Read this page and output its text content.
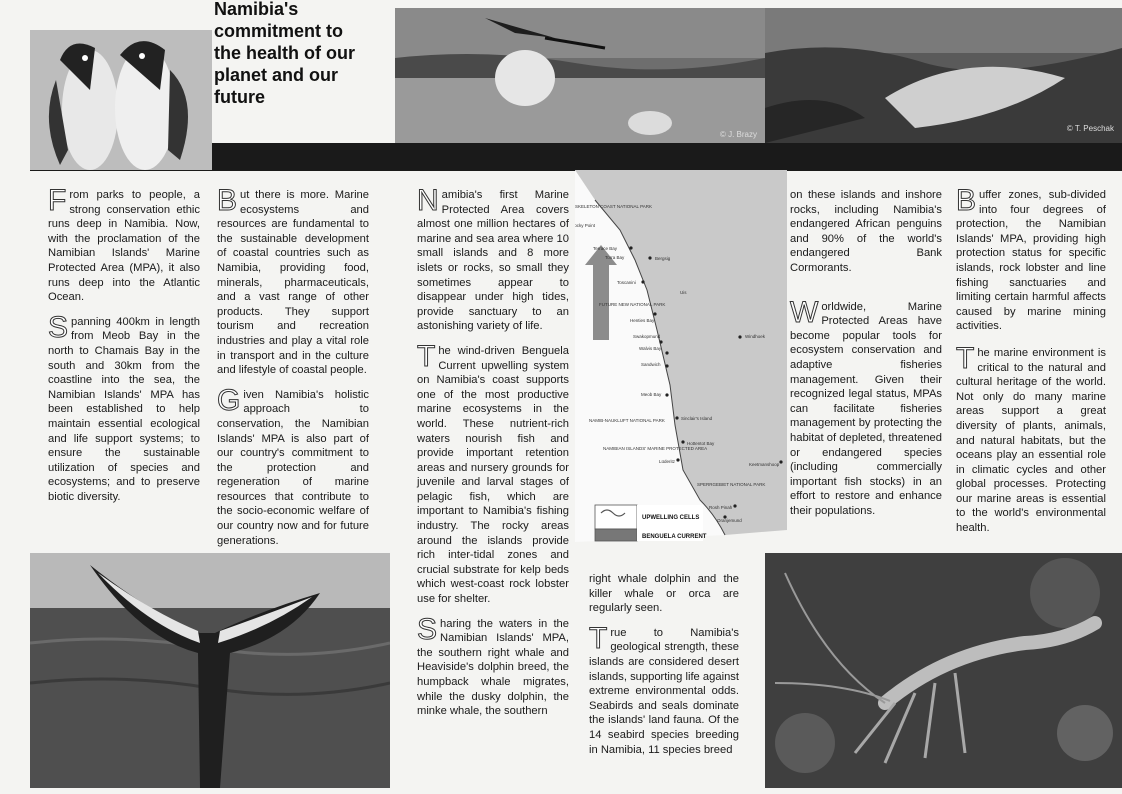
Namibia's
commitment to
the health of our
planet and our
future
© J. Brazy
© T. Peschak

From parks to people, a strong conservation ethic runs deep in Namibia. Now, with the proclamation of the Namibian Islands' Marine Protected Area (MPA), it also runs deep into the Atlantic Ocean.

Spanning 400km in length from Meob Bay in the north to Chamais Bay in the south and 30km from the coastline into the sea, the Namibian Islands' MPA has been established to help maintain essential ecological and life support systems; to ensure the sustainable utilization of species and ecosystems; and to preserve biotic diversity.

But there is more. Marine ecosystems and resources are fundamental to the sustainable development of coastal countries such as Namibia, providing food, minerals, pharmaceuticals, and a vast range of other products. They support tourism and recreation industries and play a vital role in transport and in the culture and lifestyle of coastal people.

Given Namibia's holistic approach to conservation, the Namibian Islands' MPA is also part of our country's commitment to the protection and regeneration of marine resources that contribute to the socio-economic welfare of our country now and for future generations.

Namibia's first Marine Protected Area covers almost one million hectares of marine and sea area where 10 small islands and 8 more islets or rocks, so small they sometimes appear to disappear under high tides, provide sanctuary to an astonishing variety of life.

The wind-driven Benguela Current upwelling system on Namibia's coast supports one of the most productive marine ecosystems in the world. These nutrient-rich waters nourish fish and provide important retention areas and nursery grounds for juvenile and larval stages of pelagic fish, which are important to Namibia's fishing industry. The rocky areas around the islands provide rich inter-tidal zones and crucial substrate for kelp beds which west-coast rock lobster use for shelter.

Sharing the waters in the Namibian Islands' MPA, the southern right whale and Heaviside's dolphin breed, the humpback whale migrates, while the dusky dolphin, the minke whale, the southern

SKELETON COAST NATIONAL PARK
cky Point
Terrace Bay
Torra Bay	Bergsig
Toscanini
Uis
FUTURE NEW NATIONAL PARK
Henties Bay
Swakopmund
Walvis Bay
Windhoek
Sandwich
Meob Bay
NAMIB-NAUKLUFT NATIONAL PARK	Sinclair's Island
NAMIBIAN ISLANDS' MARINE PROTECTED AREA
Hottentot Bay
Lüderitz
Keetmanshoop
SPERRGEBIET NATIONAL PARK
Rosh Pinah
Oranjemund
UPWELLING CELLS
BENGUELA CURRENT

right whale dolphin and the killer whale or orca are regularly seen.

True to Namibia's geological strength, these islands are considered desert islands, supporting life against extreme environmental odds. Seabirds and seals dominate the islands' land fauna. Of the 14 seabird species breeding in Namibia, 11 species breed

on these islands and inshore rocks, including Namibia's endangered African penguins and 90% of the world's endangered Bank Cormorants.

Worldwide, Marine Protected Areas have become popular tools for ecosystem conservation and adaptive fisheries management. Given their recognized legal status, MPAs can facilitate fisheries management by protecting the habitat of depleted, threatened or endangered species (including commercially important fish stocks) in an effort to restore and enhance their populations.

Buffer zones, sub-divided into four degrees of protection, the Namibian Islands' MPA, providing high protection status for specific islands, rock lobster and line fishing sanctuaries and limiting certain harmful affects caused by marine mining activities.

The marine environment is critical to the natural and cultural heritage of the world. Not only do many marine areas support a great diversity of plants, animals, and natural habitats, but the oceans play an essential role in climatic cycles and other global processes. Protecting our marine areas is essential to the world's environmental health.
